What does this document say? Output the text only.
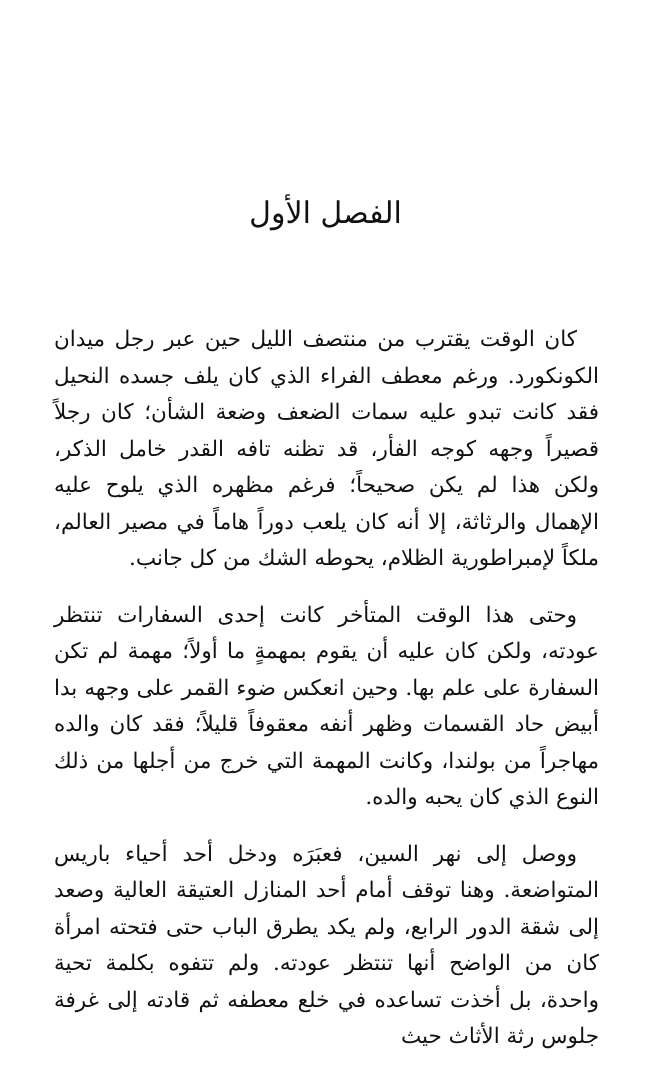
الفصل الأول

كان الوقت يقترب من منتصف الليل حين عبر رجل ميدان الكونكورد. ورغم معطف الفراء الذي كان يلف جسده النحيل فقد كانت تبدو عليه سمات الضعف وضعة الشأن؛ كان رجلاً قصيراً وجهه كوجه الفأر، قد تظنه تافه القدر خامل الذكر، ولكن هذا لم يكن صحيحاً؛ فرغم مظهره الذي يلوح عليه الإهمال والرثاثة، إلا أنه كان يلعب دوراً هاماً في مصير العالم، ملكاً لإمبراطورية الظلام، يحوطه الشك من كل جانب.

وحتى هذا الوقت المتأخر كانت إحدى السفارات تنتظر عودته، ولكن كان عليه أن يقوم بمهمةٍ ما أولاً؛ مهمة لم تكن السفارة على علم بها. وحين انعكس ضوء القمر على وجهه بدا أبيض حاد القسمات وظهر أنفه معقوفاً قليلاً؛ فقد كان والده مهاجراً من بولندا، وكانت المهمة التي خرج من أجلها من ذلك النوع الذي كان يحبه والده.

ووصل إلى نهر السين، فعبَرَه ودخل أحد أحياء باريس المتواضعة. وهنا توقف أمام أحد المنازل العتيقة العالية وصعد إلى شقة الدور الرابع، ولم يكد يطرق الباب حتى فتحته امرأة كان من الواضح أنها تنتظر عودته. ولم تتفوه بكلمة تحية واحدة، بل أخذت تساعده في خلع معطفه ثم قادته إلى غرفة جلوس رثة الأثاث حيث
